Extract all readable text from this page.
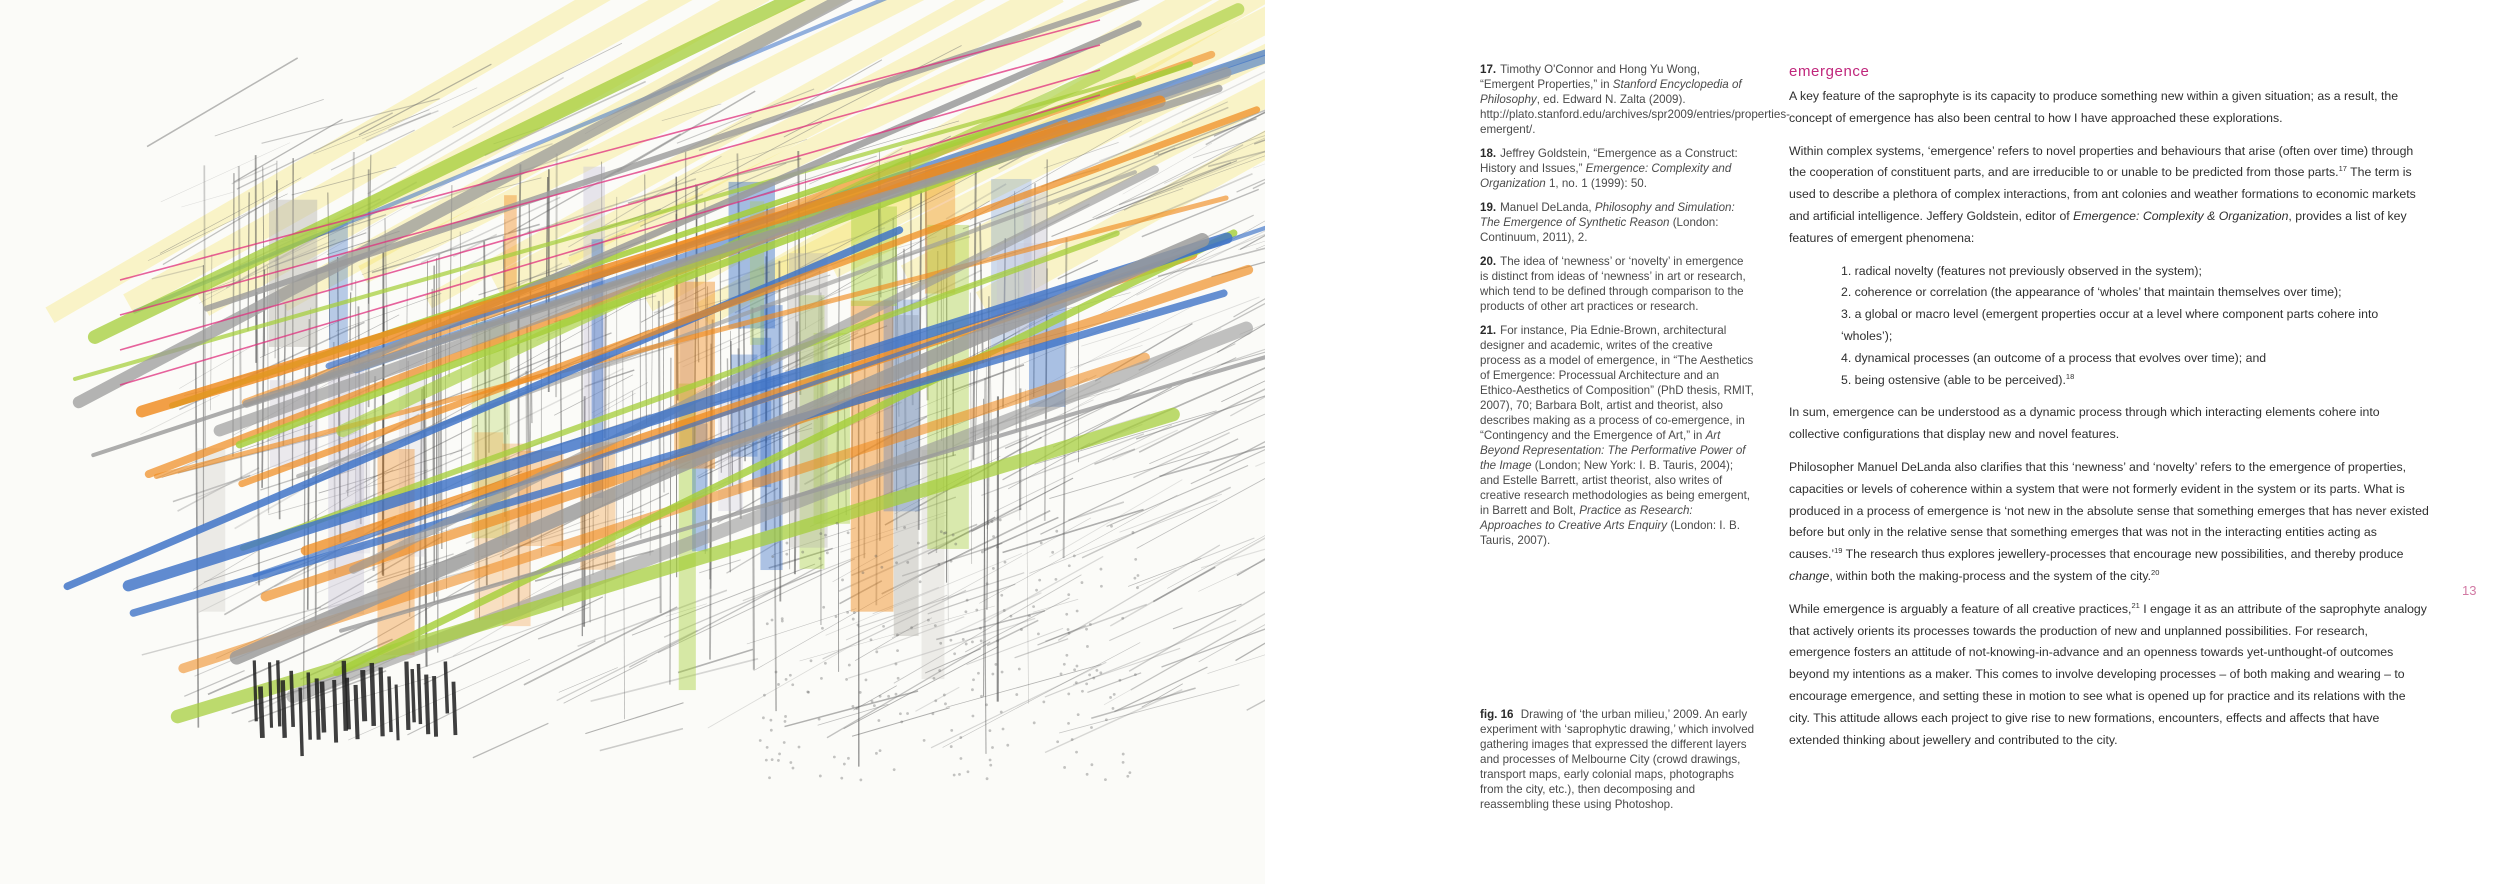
17. Timothy O'Connor and Hong Yu Wong, “Emergent Properties,” in Stanford Encyclopedia of Philosophy, ed. Edward N. Zalta (2009). http://plato.stanford.edu/archives/spr2009/entries/properties-emergent/.
18. Jeffrey Goldstein, “Emergence as a Construct: History and Issues,” Emergence: Complexity and Organization 1, no. 1 (1999): 50.
19. Manuel DeLanda, Philosophy and Simulation: The Emergence of Synthetic Reason (London: Continuum, 2011), 2.
20. The idea of ‘newness’ or ‘novelty’ in emergence is distinct from ideas of ‘newness’ in art or research, which tend to be defined through comparison to the products of other art practices or research.
21. For instance, Pia Ednie-Brown, architectural designer and academic, writes of the creative process as a model of emergence, in “The Aesthetics of Emergence: Processual Architecture and an Ethico-Aesthetics of Composition” (PhD thesis, RMIT, 2007), 70; Barbara Bolt, artist and theorist, also describes making as a process of co-emergence, in “Contingency and the Emergence of Art,” in Art Beyond Representation: The Performative Power of the Image (London; New York: I. B. Tauris, 2004); and Estelle Barrett, artist theorist, also writes of creative research methodologies as being emergent, in Barrett and Bolt, Practice as Research: Approaches to Creative Arts Enquiry (London: I. B. Tauris, 2007).
fig. 16 Drawing of ‘the urban milieu,’ 2009. An early experiment with ‘saprophytic drawing,’ which involved gathering images that expressed the different layers and processes of Melbourne City (crowd drawings, transport maps, early colonial maps, photographs from the city, etc.), then decomposing and reassembling these using Photoshop.
emergence
A key feature of the saprophyte is its capacity to produce something new within a given situation; as a result, the concept of emergence has also been central to how I have approached these explorations.
Within complex systems, ‘emergence’ refers to novel properties and behaviours that arise (often over time) through the cooperation of constituent parts, and are irreducible to or unable to be predicted from those parts.$^{17}$ The term is used to describe a plethora of complex interactions, from ant colonies and weather formations to economic markets and artificial intelligence. Jeffery Goldstein, editor of Emergence: Complexity & Organization, provides a list of key features of emergent phenomena:
1. radical novelty (features not previously observed in the system);
2. coherence or correlation (the appearance of ‘wholes’ that maintain themselves over time);
3. a global or macro level (emergent properties occur at a level where component parts cohere into ‘wholes’);
4. dynamical processes (an outcome of a process that evolves over time); and
5. being ostensive (able to be perceived).$^{18}$
In sum, emergence can be understood as a dynamic process through which interacting elements cohere into collective configurations that display new and novel features.
Philosopher Manuel DeLanda also clarifies that this ‘newness’ and ‘novelty’ refers to the emergence of properties, capacities or levels of coherence within a system that were not formerly evident in the system or its parts. What is produced in a process of emergence is ‘not new in the absolute sense that something emerges that has never existed before but only in the relative sense that something emerges that was not in the interacting entities acting as causes.’$^{19}$ The research thus explores jewellery-processes that encourage new possibilities, and thereby produce change, within both the making-process and the system of the city.$^{20}$
While emergence is arguably a feature of all creative practices,$^{21}$ I engage it as an attribute of the saprophyte analogy that actively orients its processes towards the production of new and unplanned possibilities. For research, emergence fosters an attitude of not-knowing-in-advance and an openness towards yet-unthought-of outcomes beyond my intentions as a maker. This comes to involve developing processes – of both making and wearing – to encourage emergence, and setting these in motion to see what is opened up for practice and its relations with the city. This attitude allows each project to give rise to new formations, encounters, effects and affects that have extended thinking about jewellery and contributed to the city.
13
